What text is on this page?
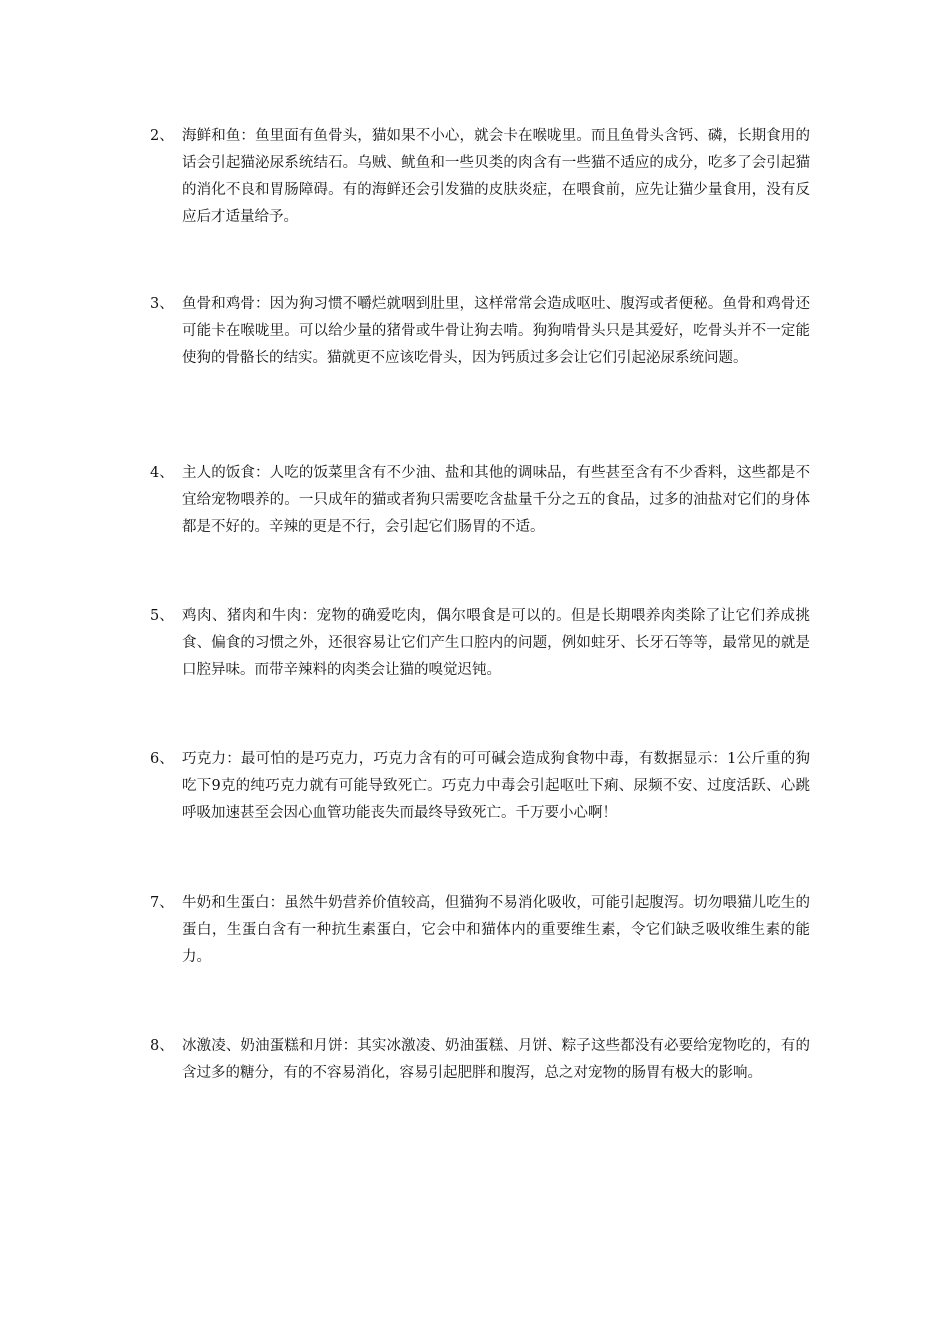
2、 海鲜和鱼：鱼里面有鱼骨头，猫如果不小心，就会卡在喉咙里。而且鱼骨头含钙、磷，长期食用的话会引起猫泌尿系统结石。乌贼、鱿鱼和一些贝类的肉含有一些猫不适应的成分，吃多了会引起猫的消化不良和胃肠障碍。有的海鲜还会引发猫的皮肤炎症，在喂食前，应先让猫少量食用，没有反应后才适量给予。
3、 鱼骨和鸡骨：因为狗习惯不嚼烂就咽到肚里，这样常常会造成呕吐、腹泻或者便秘。鱼骨和鸡骨还可能卡在喉咙里。可以给少量的猪骨或牛骨让狗去啃。狗狗啃骨头只是其爱好，吃骨头并不一定能使狗的骨骼长的结实。猫就更不应该吃骨头，因为钙质过多会让它们引起泌尿系统问题。
4、 主人的饭食：人吃的饭菜里含有不少油、盐和其他的调味品，有些甚至含有不少香料，这些都是不宜给宠物喂养的。一只成年的猫或者狗只需要吃含盐量千分之五的食品，过多的油盐对它们的身体都是不好的。辛辣的更是不行，会引起它们肠胃的不适。
5、 鸡肉、猪肉和牛肉：宠物的确爱吃肉，偶尔喂食是可以的。但是长期喂养肉类除了让它们养成挑食、偏食的习惯之外，还很容易让它们产生口腔内的问题，例如蛀牙、长牙石等等，最常见的就是口腔异味。而带辛辣料的肉类会让猫的嗅觉迟钝。
6、 巧克力：最可怕的是巧克力，巧克力含有的可可碱会造成狗食物中毒，有数据显示：1公斤重的狗吃下9克的纯巧克力就有可能导致死亡。巧克力中毒会引起呕吐下痢、尿频不安、过度活跃、心跳呼吸加速甚至会因心血管功能丧失而最终导致死亡。千万要小心啊！
7、 牛奶和生蛋白：虽然牛奶营养价值较高，但猫狗不易消化吸收，可能引起腹泻。切勿喂猫儿吃生的蛋白，生蛋白含有一种抗生素蛋白，它会中和猫体内的重要维生素，令它们缺乏吸收维生素的能力。
8、 冰激凌、奶油蛋糕和月饼：其实冰激凌、奶油蛋糕、月饼、粽子这些都没有必要给宠物吃的，有的含过多的糖分，有的不容易消化，容易引起肥胖和腹泻，总之对宠物的肠胃有极大的影响。
